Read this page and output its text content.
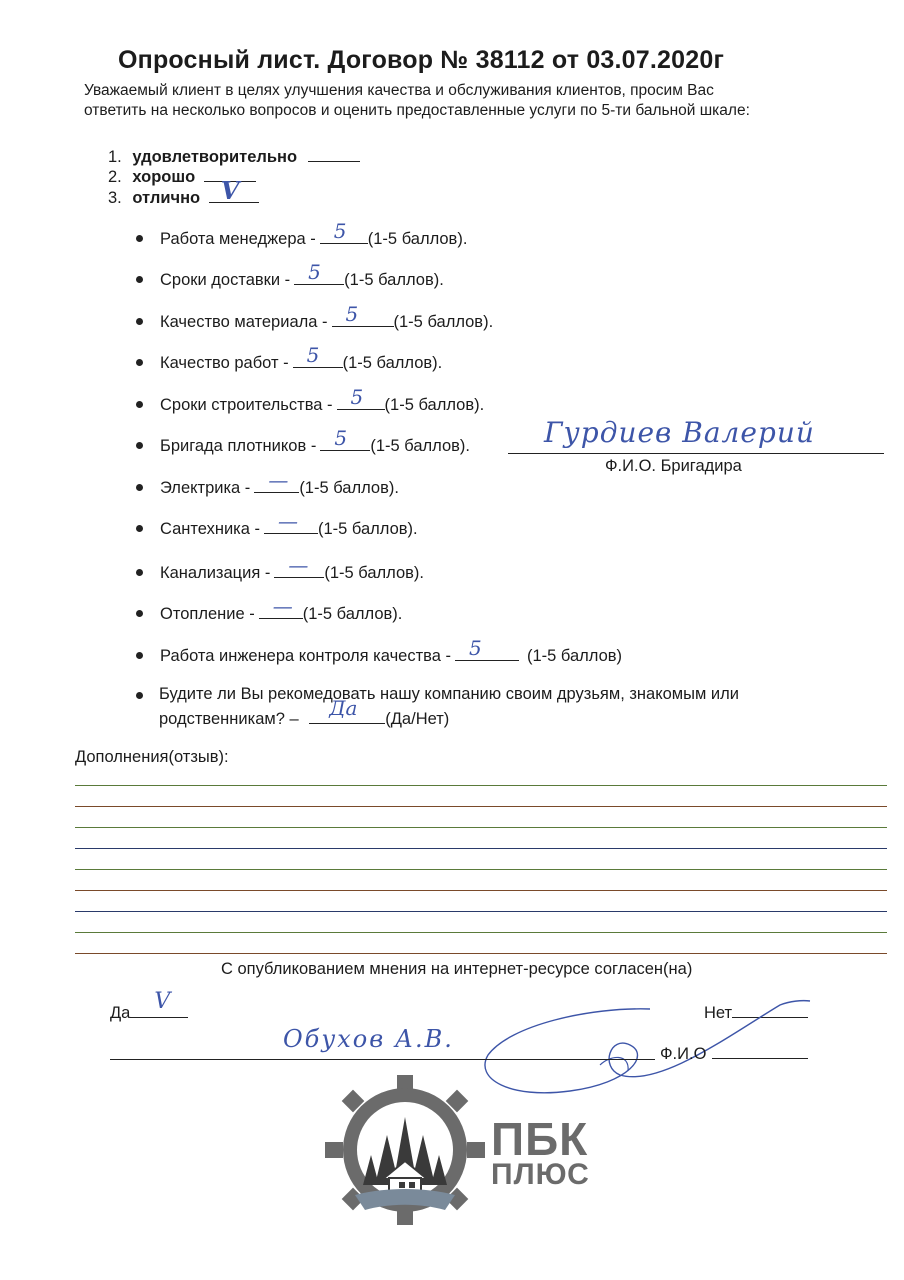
Опросный лист. Договор № 38112 от 03.07.2020г
Уважаемый клиент в целях улучшения качества и обслуживания клиентов, просим Вас
ответить на несколько вопросов и оценить предоставленные услуги по 5-ти бальной шкале:
1. удовлетворительно
2. хорошо
3. отлично V
Работа менеджера - 5 (1-5 баллов).
Сроки доставки - 5 (1-5 баллов).
Качество материала - 5 (1-5 баллов).
Качество работ - 5 (1-5 баллов).
Сроки строительства - 5 (1-5 баллов).
Бригада плотников - 5 (1-5 баллов).
Электрика - — (1-5 баллов).
Сантехника - — (1-5 баллов).
Канализация - — (1-5 баллов).
Отопление - — (1-5 баллов).
Работа инженера контроля качества - 5	(1-5 баллов)
Гурдиев Валерий
Ф.И.О. Бригадира
Будите ли Вы рекомедовать нашу компанию своим друзьям, знакомым или
родственникам? – Да (Да/Нет)
Дополнения(отзыв):
С опубликованием мнения на интернет-ресурсе согласен(на)
Да V	Нет
Обухов А.В.
Ф.И.О
ПБК
ПЛЮС
